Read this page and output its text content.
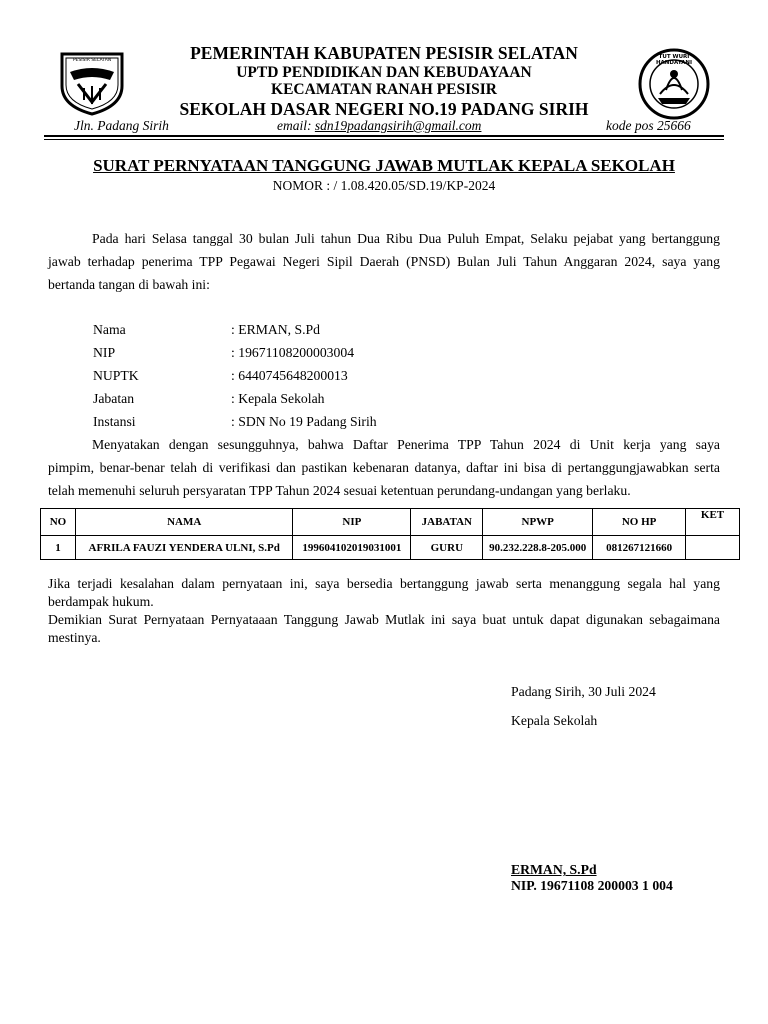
PESISIR SELATAN
TUT WURI HANDAYANI
PEMERINTAH KABUPATEN PESISIR SELATAN
UPTD PENDIDIKAN DAN KEBUDAYAAN
KECAMATAN RANAH PESISIR
SEKOLAH DASAR NEGERI NO.19 PADANG SIRIH
Jln. Padang Sirih	email: sdn19padangsirih@gmail.com	kode pos 25666
SURAT PERNYATAAN TANGGUNG JAWAB MUTLAK KEPALA SEKOLAH
NOMOR : / 1.08.420.05/SD.19/KP-2024
Pada hari Selasa tanggal 30 bulan Juli tahun Dua Ribu Dua Puluh Empat, Selaku pejabat yang bertanggung
jawab terhadap penerima TPP Pegawai Negeri Sipil Daerah (PNSD) Bulan Juli Tahun Anggaran 2024, saya yang
bertanda tangan di bawah ini:
Nama	: ERMAN, S.Pd
NIP	: 19671108200003004
NUPTK	: 6440745648200013
Jabatan	: Kepala Sekolah
Instansi	: SDN No 19 Padang Sirih
Menyatakan dengan sesungguhnya, bahwa Daftar Penerima TPP Tahun 2024 di Unit kerja yang saya
pimpim, benar-benar telah di verifikasi dan pastikan kebenaran datanya, daftar ini bisa di pertanggungjawabkan serta
telah memenuhi seluruh persyaratan TPP Tahun 2024 sesuai ketentuan perundang-undangan yang berlaku.
NO	NAMA	NIP	JABATAN	NPWP	NO HP	KET
1	AFRILA FAUZI YENDERA ULNI, S.Pd	199604102019031001	GURU	90.232.228.8-205.000	081267121660	
Jika terjadi kesalahan dalam pernyataan ini, saya bersedia bertanggung jawab serta menanggung segala hal yang
berdampak hukum.
Demikian Surat Pernyataan Pernyataaan Tanggung Jawab Mutlak ini saya buat untuk dapat digunakan sebagaimana
mestinya.
Padang Sirih, 30 Juli 2024
Kepala Sekolah
ERMAN, S.Pd
NIP. 19671108 200003 1 004
